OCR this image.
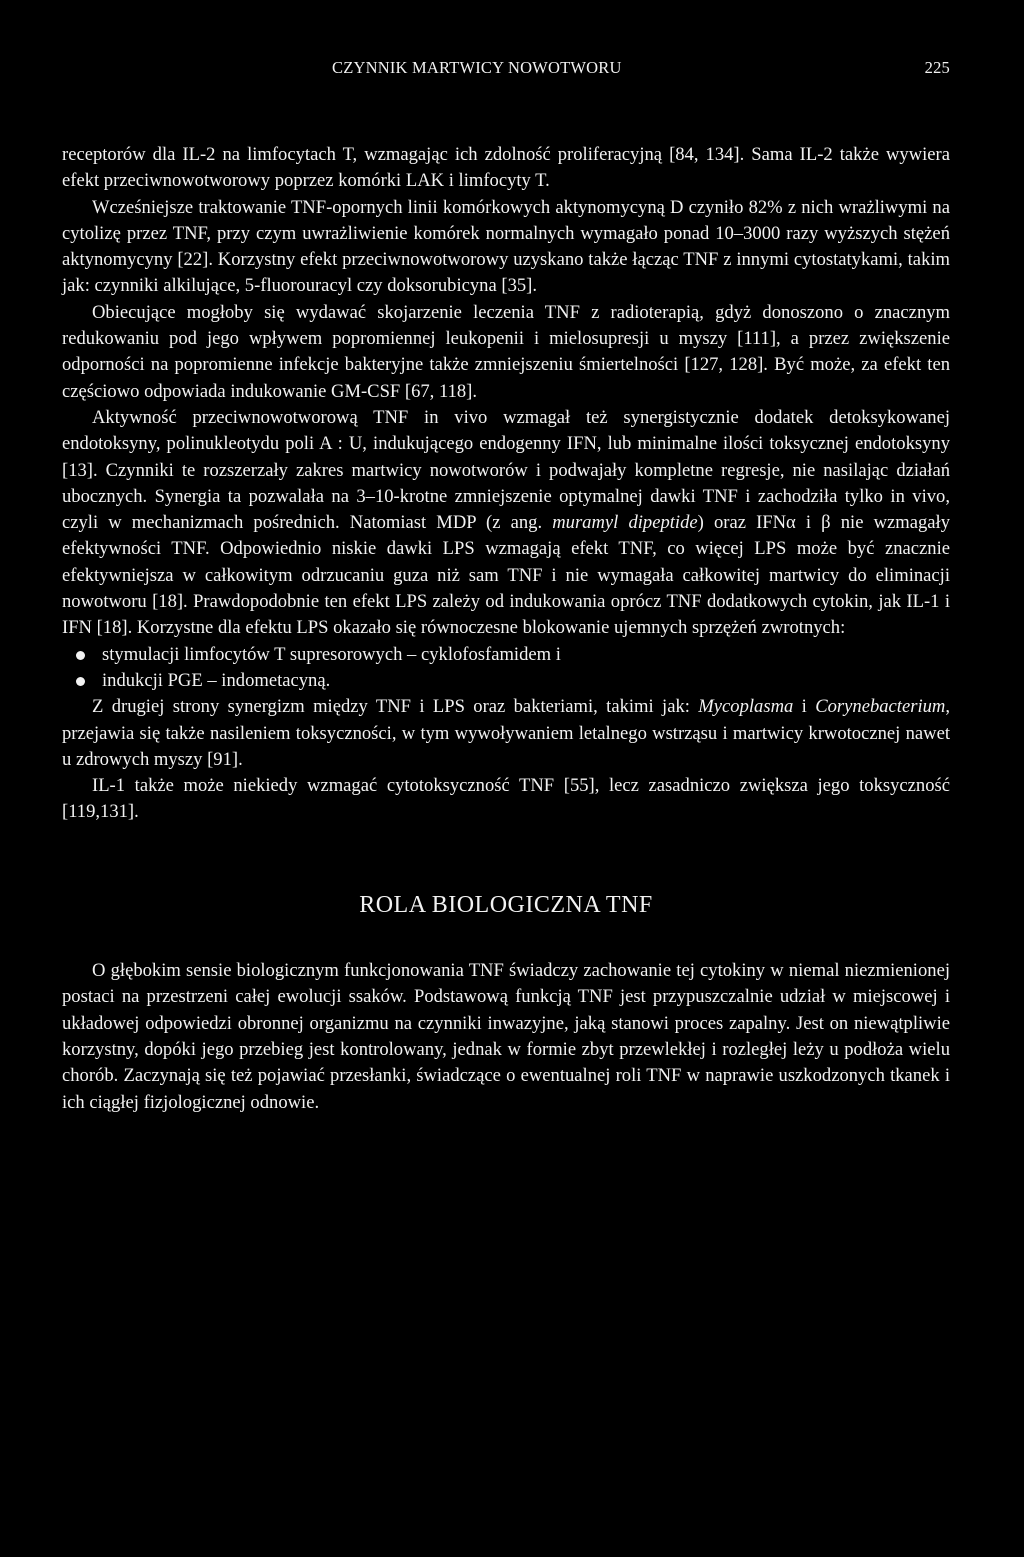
CZYNNIK MARTWICY NOWOTWORU	225

receptorów dla IL-2 na limfocytach T, wzmagając ich zdolność proliferacyjną [84, 134]. Sama IL-2 także wywiera efekt przeciwnowotworowy poprzez komórki LAK i limfocyty T.

Wcześniejsze traktowanie TNF-opornych linii komórkowych aktynomycyną D czyniło 82% z nich wrażliwymi na cytolizę przez TNF, przy czym uwrażliwienie komórek normalnych wymagało ponad 10–3000 razy wyższych stężeń aktynomycyny [22]. Korzystny efekt przeciwnowotworowy uzyskano także łącząc TNF z innymi cytostatykami, takim jak: czynniki alkilujące, 5-fluorouracyl czy doksorubicyna [35].

Obiecujące mogłoby się wydawać skojarzenie leczenia TNF z radioterapią, gdyż donoszono o znacznym redukowaniu pod jego wpływem popromiennej leukopenii i mielosupresji u myszy [111], a przez zwiększenie odporności na popromienne infekcje bakteryjne także zmniejszeniu śmiertelności [127, 128]. Być może, za efekt ten częściowo odpowiada indukowanie GM-CSF [67, 118].

Aktywność przeciwnowotworową TNF in vivo wzmagał też synergistycznie dodatek detoksykowanej endotoksyny, polinukleotydu poli A : U, indukującego endogenny IFN, lub minimalne ilości toksycznej endotoksyny [13]. Czynniki te rozszerzały zakres martwicy nowotworów i podwajały kompletne regresje, nie nasilając działań ubocznych. Synergia ta pozwalała na 3–10-krotne zmniejszenie optymalnej dawki TNF i zachodziła tylko in vivo, czyli w mechanizmach pośrednich. Natomiast MDP (z ang. muramyl dipeptide) oraz IFNα i β nie wzmagały efektywności TNF. Odpowiednio niskie dawki LPS wzmagają efekt TNF, co więcej LPS może być znacznie efektywniejsza w całkowitym odrzucaniu guza niż sam TNF i nie wymagała całkowitej martwicy do eliminacji nowotworu [18]. Prawdopodobnie ten efekt LPS zależy od indukowania oprócz TNF dodatkowych cytokin, jak IL-1 i IFN [18]. Korzystne dla efektu LPS okazało się równoczesne blokowanie ujemnych sprzężeń zwrotnych:

stymulacji limfocytów T supresorowych – cyklofosfamidem i
indukcji PGE – indometacyną.

Z drugiej strony synergizm między TNF i LPS oraz bakteriami, takimi jak: Mycoplasma i Corynebacterium, przejawia się także nasileniem toksyczności, w tym wywoływaniem letalnego wstrząsu i martwicy krwotocznej nawet u zdrowych myszy [91].

IL-1 także może niekiedy wzmagać cytotoksyczność TNF [55], lecz zasadniczo zwiększa jego toksyczność [119,131].

ROLA BIOLOGICZNA TNF

O głębokim sensie biologicznym funkcjonowania TNF świadczy zachowanie tej cytokiny w niemal niezmienionej postaci na przestrzeni całej ewolucji ssaków. Podstawową funkcją TNF jest przypuszczalnie udział w miejscowej i układowej odpowiedzi obronnej organizmu na czynniki inwazyjne, jaką stanowi proces zapalny. Jest on niewątpliwie korzystny, dopóki jego przebieg jest kontrolowany, jednak w formie zbyt przewlekłej i rozległej leży u podłoża wielu chorób. Zaczynają się też pojawiać przesłanki, świadczące o ewentualnej roli TNF w naprawie uszkodzonych tkanek i ich ciągłej fizjologicznej odnowie.
